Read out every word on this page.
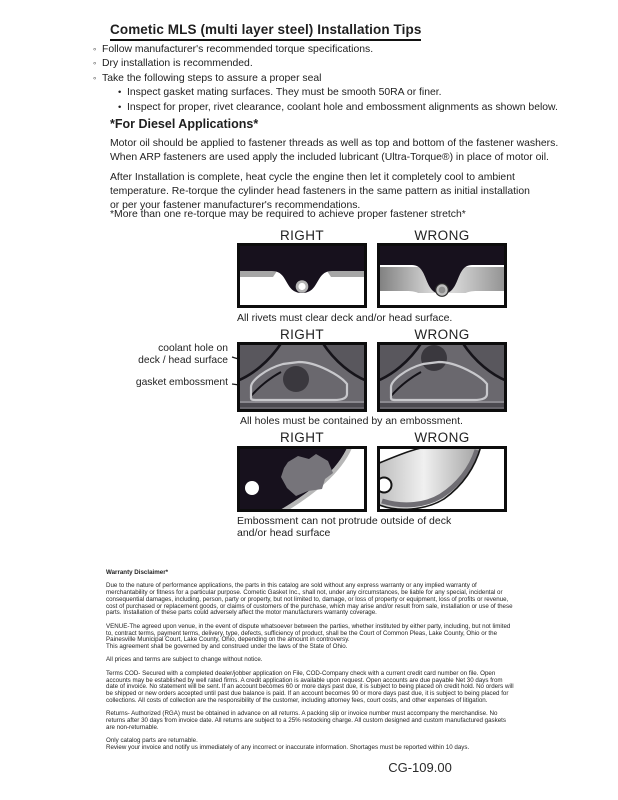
Cometic MLS (multi layer steel) Installation Tips
◦ Follow manufacturer's recommended torque specifications.
◦ Dry installation is recommended.
◦ Take the following steps to assure a proper seal
• Inspect gasket mating surfaces. They must be smooth 50RA or finer.
• Inspect for proper, rivet clearance, coolant hole and embossment alignments as shown below.
*For Diesel Applications*
Motor oil should be applied to fastener threads as well as top and bottom of the fastener washers.
When ARP fasteners are used apply the included lubricant (Ultra-Torque®) in place of motor oil.
After Installation is complete, heat cycle the engine then let it completely cool to ambient
temperature. Re-torque the cylinder head fasteners in the same pattern as initial installation
or per your fastener manufacturer's recommendations.
*More than one re-torque may be required to achieve proper fastener stretch*
RIGHT	WRONG
All rivets must clear deck and/or head surface.
RIGHT	WRONG
coolant hole on
deck / head surface
gasket embossment
All holes must be contained by an embossment.
RIGHT	WRONG
Embossment can not protrude outside of deck
and/or head surface

Warranty Disclaimer*

Due to the nature of performance applications, the parts in this catalog are sold without any express warranty or any implied warranty of merchantability or fitness for a particular purpose. Cometic Gasket Inc., shall not, under any circumstances, be liable for any special, incidental or consequential damages, including, person, party or property, but not limited to, damage, or loss of property or equipment, loss of profits or revenue, cost of purchased or replacement goods, or claims of customers of the purchase, which may arise and/or result from sale, installation or use of these parts. Installation of these parts could adversely affect the motor manufacturers warranty coverage.

VENUE-The agreed upon venue, in the event of dispute whatsoever between the parties, whether instituted by either party, including, but not limited to, contract terms, payment terms, delivery, type, defects, sufficiency of product, shall be the Court of Common Pleas, Lake County, Ohio or the Painesville Municipal Court, Lake County, Ohio, depending on the amount in controversy.

This agreement shall be governed by and construed under the laws of the State of Ohio.

All prices and terms are subject to change without notice.

Terms COD- Secured with a completed dealer/jobber application on File, COD-Company check with a current credit card number on file. Open accounts may be established by well rated firms. A credit application is available upon request. Open accounts are due payable Net 30 days from date of invoice. No statement will be sent. If an account becomes 60 or more days past due, it is subject to being placed on credit hold. No orders will be shipped or new orders accepted until past due balance is paid. If an account becomes 90 or more days past due, it is subject to being placed for collections. All costs of collection are the responsibility of the customer, including attorney fees, court costs, and other expenses of litigation.

Returns- Authorized (RGA) must be obtained in advance on all returns. A packing slip or invoice number must accompany the merchandise. No returns after 30 days from invoice date. All returns are subject to a 25% restocking charge. All custom designed and custom manufactured gaskets are non-returnable.

Only catalog parts are returnable.

Review your invoice and notify us immediately of any incorrect or inaccurate information. Shortages must be reported within 10 days.

CG-109.00
